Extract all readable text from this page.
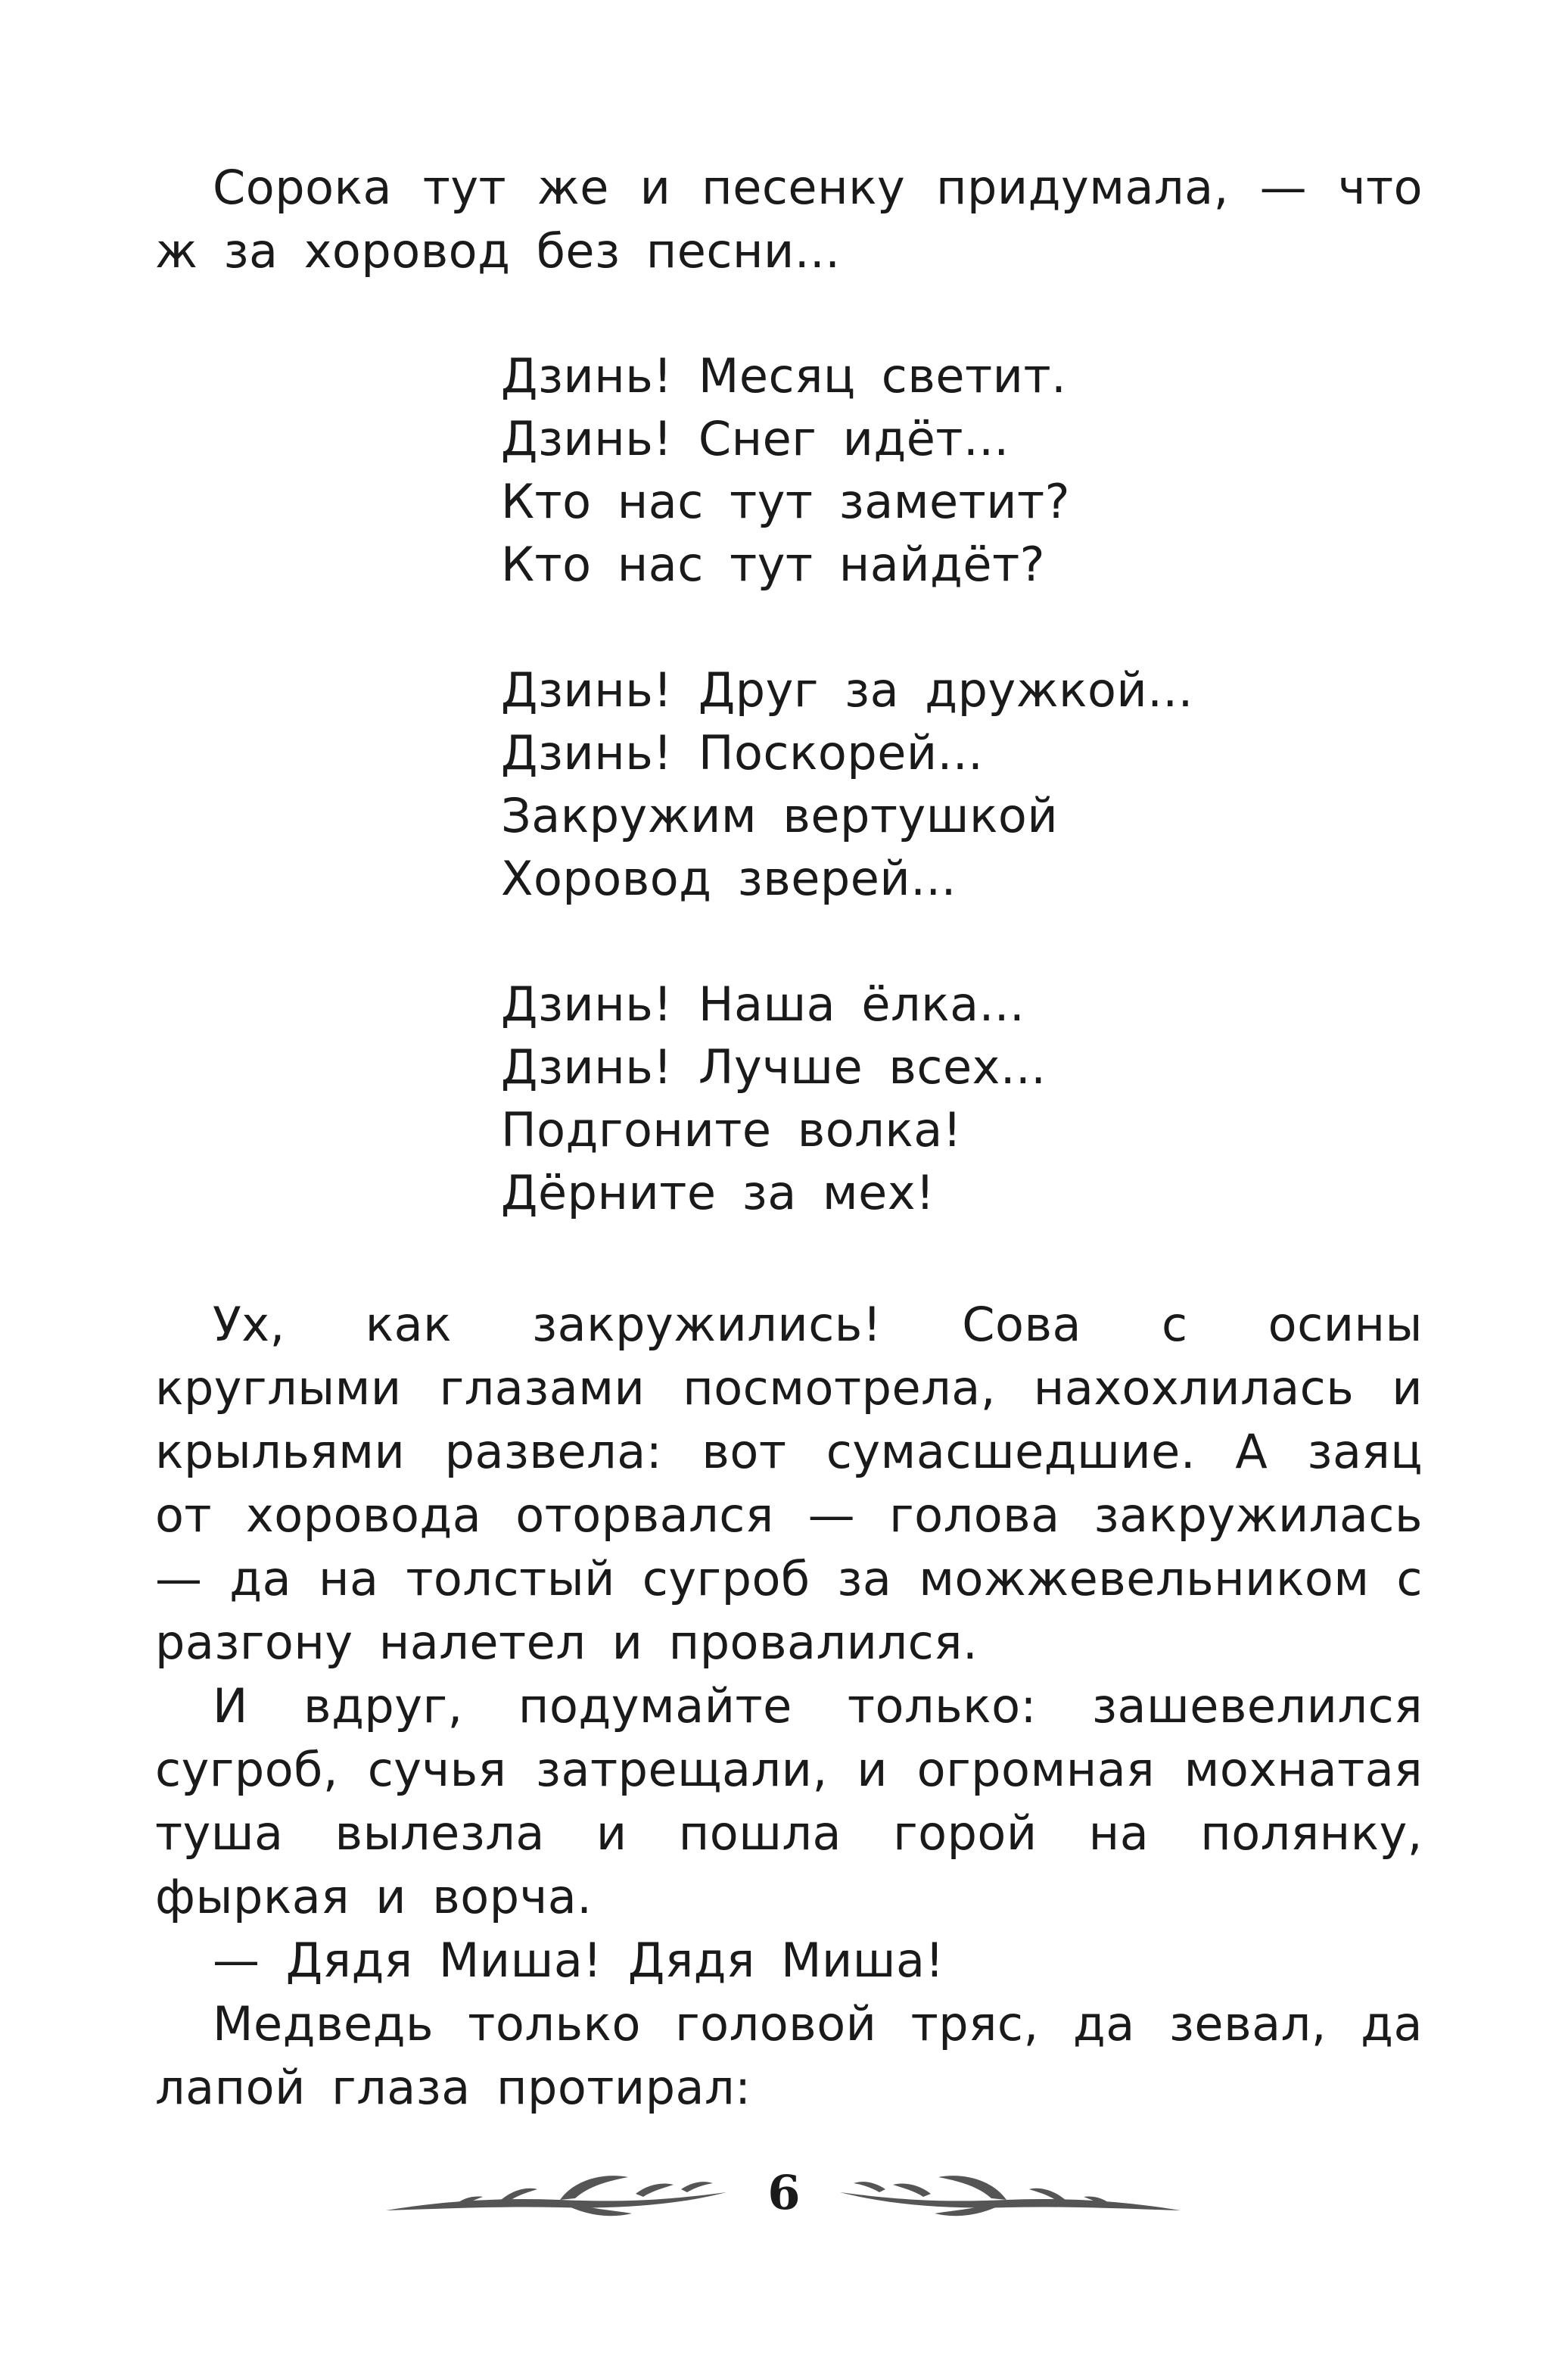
Сорока тут же и песенку придумала, — что ж за хоровод без песни...

Дзинь! Месяц светит.
Дзинь! Снег идёт...
Кто нас тут заметит?
Кто нас тут найдёт?
Дзинь! Друг за дружкой...
Дзинь! Поскорей...
Закружим вертушкой
Хоровод зверей...
Дзинь! Наша ёлка...
Дзинь! Лучше всех...
Подгоните волка!
Дёрните за мех!

Ух, как закружились! Сова с осины круглыми глазами посмотрела, нахохлилась и крыльями развела: вот сумасшедшие. А заяц от хоровода оторвался — голова закружилась — да на толстый сугроб за можжевельником с разгону налетел и провалился.

И вдруг, подумайте только: зашевелился сугроб, сучья затрещали, и огромная мохнатая туша вылезла и пошла горой на полянку, фыркая и ворча.

— Дядя Миша! Дядя Миша!

Медведь только головой тряс, да зевал, да лапой глаза протирал:

6
